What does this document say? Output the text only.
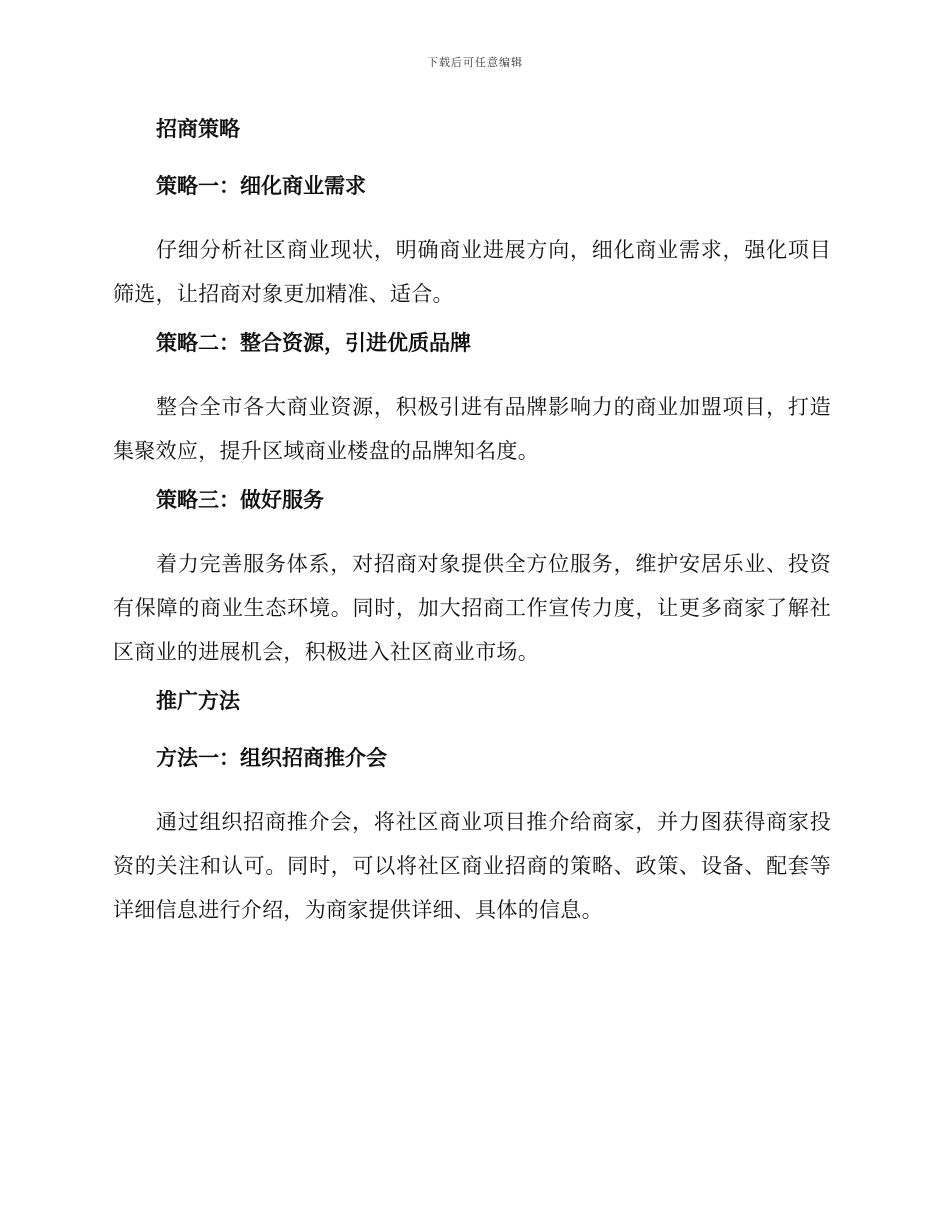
下载后可任意编辑
招商策略
策略一：细化商业需求

仔细分析社区商业现状，明确商业进展方向，细化商业需求，强化项目筛选，让招商对象更加精准、适合。

策略二：整合资源，引进优质品牌

整合全市各大商业资源，积极引进有品牌影响力的商业加盟项目，打造集聚效应，提升区域商业楼盘的品牌知名度。

策略三：做好服务

着力完善服务体系，对招商对象提供全方位服务，维护安居乐业、投资有保障的商业生态环境。同时，加大招商工作宣传力度，让更多商家了解社区商业的进展机会，积极进入社区商业市场。

推广方法
方法一：组织招商推介会

通过组织招商推介会，将社区商业项目推介给商家，并力图获得商家投资的关注和认可。同时，可以将社区商业招商的策略、政策、设备、配套等详细信息进行介绍，为商家提供详细、具体的信息。
